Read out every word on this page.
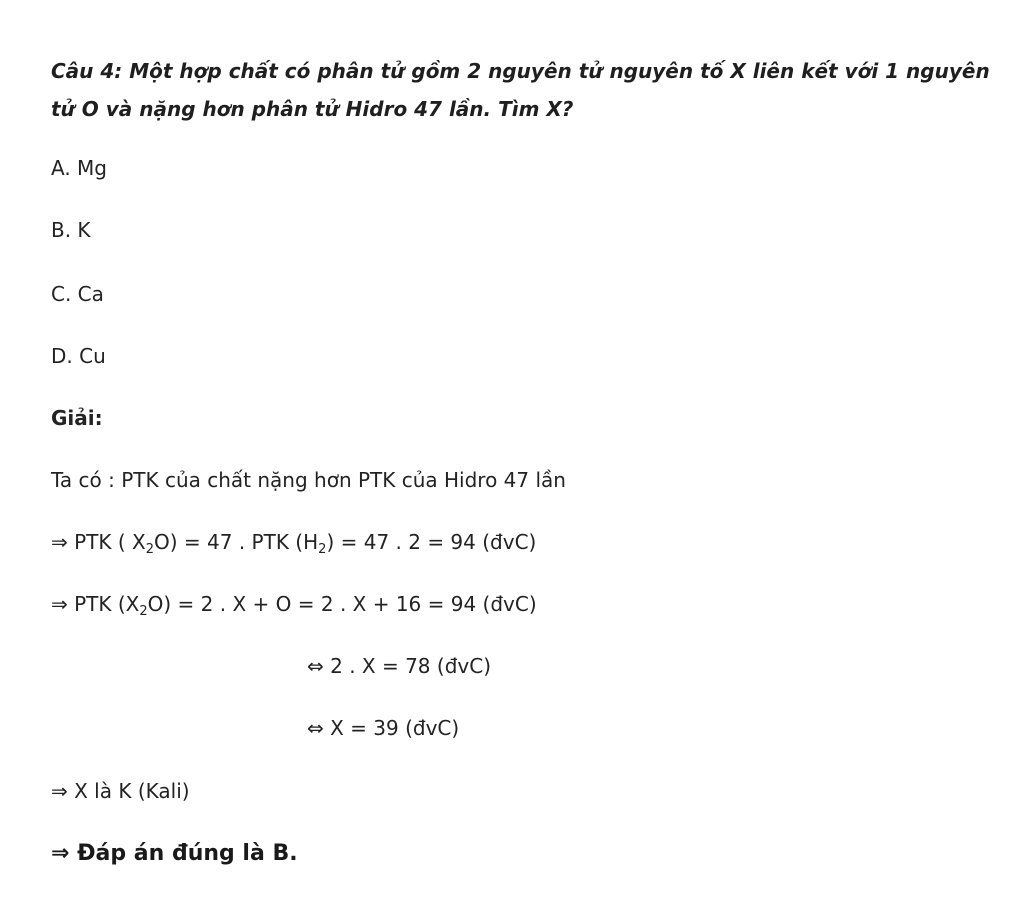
Câu 4: Một hợp chất có phân tử gồm 2 nguyên tử nguyên tố X liên kết với 1 nguyên tử O và nặng hơn phân tử Hidro 47 lần. Tìm X?

A. Mg

B. K

C. Ca

D. Cu

Giải:

Ta có : PTK của chất nặng hơn PTK của Hidro 47 lần

⇒ PTK ( $X_2O) = 47$ . PTK $(H_2) = 47$ . 2 = 94 (đvC)

⇒ PTK $(X_2O) = 2$ . X + O = 2 . X + 16 = 94 (đvC)

⇔ 2 . X = 78 (đvC)

⇔ X = 39 (đvC)

⇒ X là K (Kali)

⇒ Đáp án đúng là B.
